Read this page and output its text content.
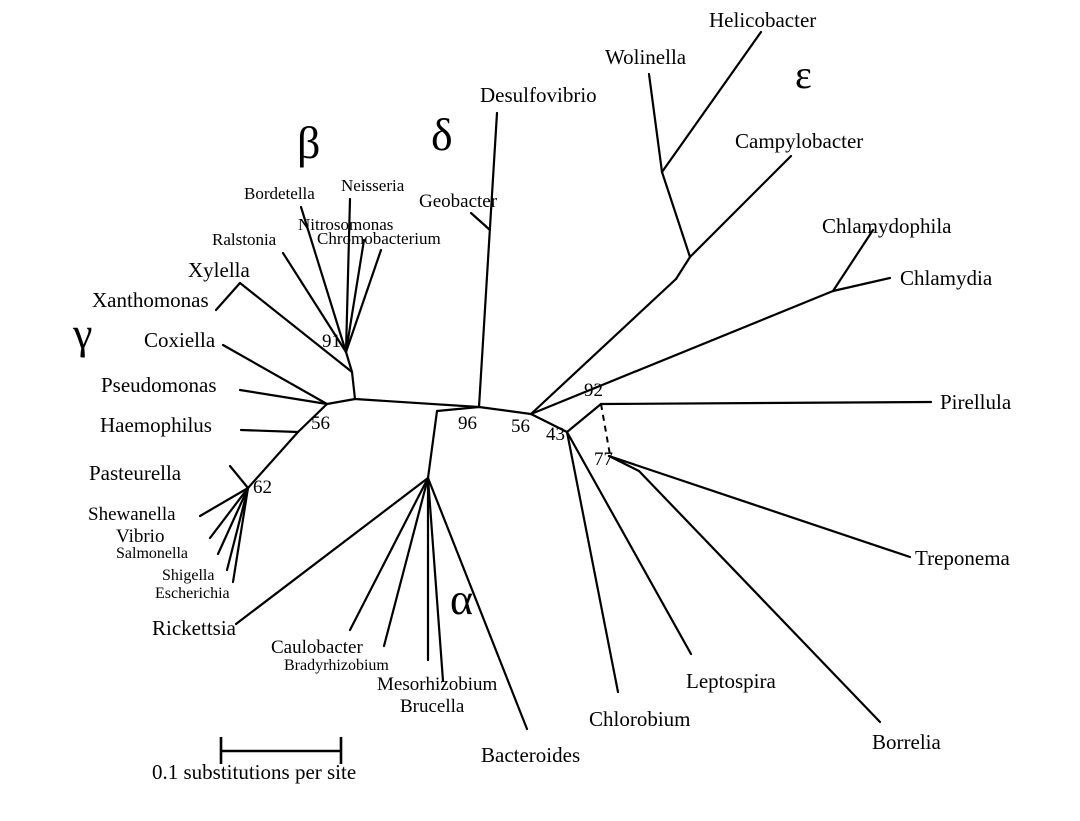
β δ
ε
γ
α
Helicobacter
Wolinella
Campylobacter
Desulfovibrio
Chlamydophila
Chlamydia
Bordetella Neisseria
Nitrosomonas
Chromobacterium
Geobacter
Ralstonia
Xylella
Xanthomonas
Coxiella
Pseudomonas
Haemophilus
Pasteurella
Shewanella
Vibrio
Salmonella
Shigella
Escherichia
Rickettsia
Caulobacter
Bradyrhizobium
Mesorhizobium
Brucella
Bacteroides
Chlorobium
Leptospira
Treponema
Borrelia
Pirellula
91
56
62
96 56 43
92
77
0.1 substitutions per site
